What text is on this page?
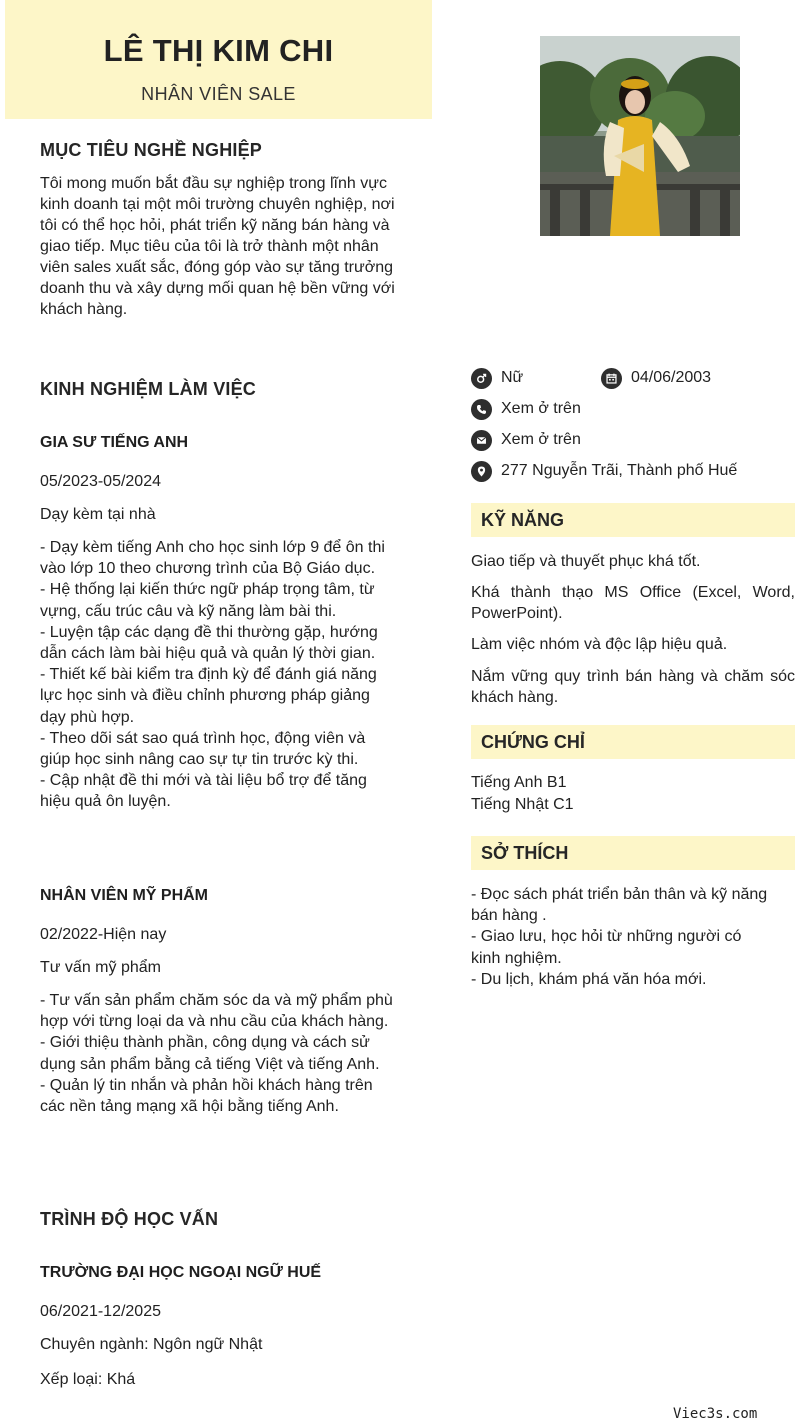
LÊ THỊ KIM CHI
NHÂN VIÊN SALE
MỤC TIÊU NGHỀ NGHIỆP
Tôi mong muốn bắt đầu sự nghiệp trong lĩnh vực kinh doanh tại một môi trường chuyên nghiệp, nơi tôi có thể học hỏi, phát triển kỹ năng bán hàng và giao tiếp. Mục tiêu của tôi là trở thành một nhân viên sales xuất sắc, đóng góp vào sự tăng trưởng doanh thu và xây dựng mối quan hệ bền vững với khách hàng.
KINH NGHIỆM LÀM VIỆC
GIA SƯ TIẾNG ANH
05/2023-05/2024
Dạy kèm tại nhà
- Dạy kèm tiếng Anh cho học sinh lớp 9 để ôn thi vào lớp 10 theo chương trình của Bộ Giáo dục.
- Hệ thống lại kiến thức ngữ pháp trọng tâm, từ vựng, cấu trúc câu và kỹ năng làm bài thi.
- Luyện tập các dạng đề thi thường gặp, hướng dẫn cách làm bài hiệu quả và quản lý thời gian.
- Thiết kế bài kiểm tra định kỳ để đánh giá năng lực học sinh và điều chỉnh phương pháp giảng dạy phù hợp.
- Theo dõi sát sao quá trình học, động viên và giúp học sinh nâng cao sự tự tin trước kỳ thi.
- Cập nhật đề thi mới và tài liệu bổ trợ để tăng hiệu quả ôn luyện.
NHÂN VIÊN MỸ PHẨM
02/2022-Hiện nay
Tư vấn mỹ phẩm
- Tư vấn sản phẩm chăm sóc da và mỹ phẩm phù hợp với từng loại da và nhu cầu của khách hàng.
- Giới thiệu thành phần, công dụng và cách sử dụng sản phẩm bằng cả tiếng Việt và tiếng Anh.
- Quản lý tin nhắn và phản hồi khách hàng trên các nền tảng mạng xã hội bằng tiếng Anh.
TRÌNH ĐỘ HỌC VẤN
TRƯỜNG ĐẠI HỌC NGOẠI NGỮ HUẾ
06/2021-12/2025
Chuyên ngành: Ngôn ngữ Nhật
Xếp loại: Khá
Nữ	04/06/2003
Xem ở trên
Xem ở trên
277 Nguyễn Trãi, Thành phố Huế
KỸ NĂNG
Giao tiếp và thuyết phục khá tốt.
Khá thành thạo MS Office (Excel, Word, PowerPoint).
Làm việc nhóm và độc lập hiệu quả.
Nắm vững quy trình bán hàng và chăm sóc khách hàng.
CHỨNG CHỈ
Tiếng Anh B1
Tiếng Nhật C1
SỞ THÍCH
- Đọc sách phát triển bản thân và kỹ năng bán hàng .
- Giao lưu, học hỏi từ những người có kinh nghiệm.
- Du lịch, khám phá văn hóa mới.
Viec3s.com
